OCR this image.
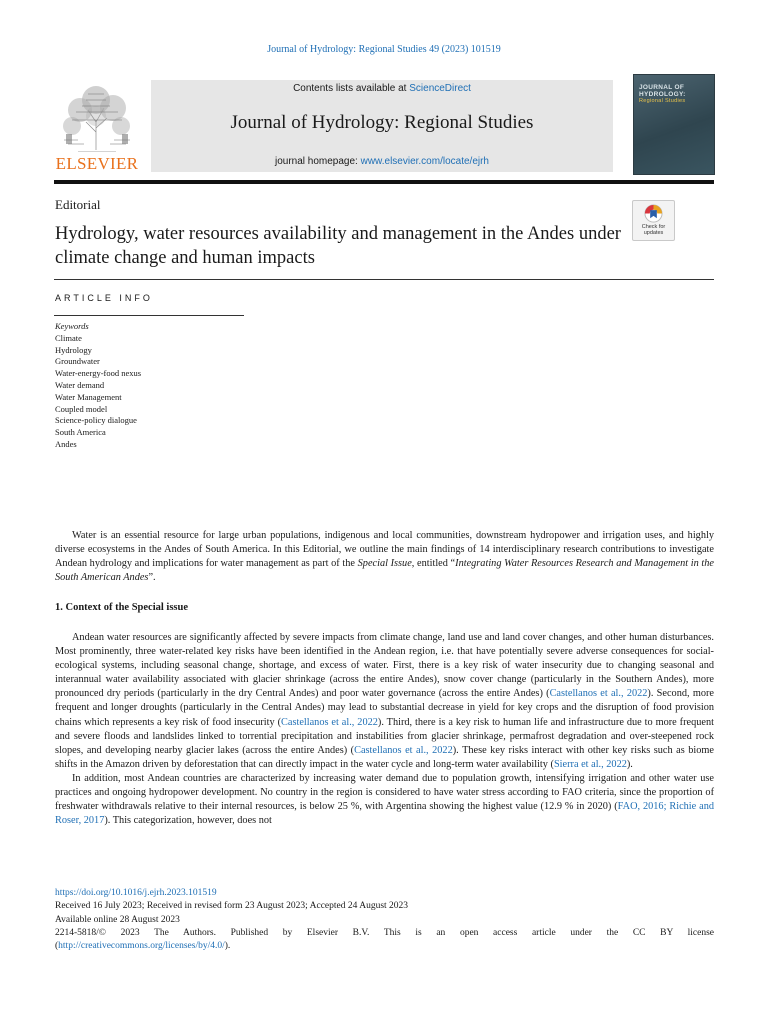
Journal of Hydrology: Regional Studies 49 (2023) 101519
ELSEVIER
Contents lists available at ScienceDirect
Journal of Hydrology: Regional Studies
journal homepage: www.elsevier.com/locate/ejrh
JOURNAL OF
HYDROLOGY:
Regional Studies
Editorial
Hydrology, water resources availability and management in the Andes under climate change and human impacts
Check for
updates
ARTICLE INFO
Keywords
Climate
Hydrology
Groundwater
Water-energy-food nexus
Water demand
Water Management
Coupled model
Science-policy dialogue
South America
Andes

Water is an essential resource for large urban populations, indigenous and local communities, downstream hydropower and irrigation uses, and highly diverse ecosystems in the Andes of South America. In this Editorial, we outline the main findings of 14 interdisciplinary research contributions to investigate Andean hydrology and implications for water management as part of the Special Issue, entitled “Integrating Water Resources Research and Management in the South American Andes”.

1. Context of the Special issue

Andean water resources are significantly affected by severe impacts from climate change, land use and land cover changes, and other human disturbances. Most prominently, three water-related key risks have been identified in the Andean region, i.e. that have potentially severe adverse consequences for social-ecological systems, including seasonal change, shortage, and excess of water. First, there is a key risk of water insecurity due to changing seasonal and interannual water availability associated with glacier shrinkage (across the entire Andes), snow cover change (particularly in the Southern Andes), more pronounced dry periods (particularly in the dry Central Andes) and poor water governance (across the entire Andes) (Castellanos et al., 2022). Second, more frequent and longer droughts (particularly in the Central Andes) may lead to substantial decrease in yield for key crops and the disruption of food provision chains which represents a key risk of food insecurity (Castellanos et al., 2022). Third, there is a key risk to human life and infrastructure due to more frequent and severe floods and landslides linked to torrential precipitation and instabilities from glacier shrinkage, permafrost degradation and over-steepened rock slopes, and developing nearby glacier lakes (across the entire Andes) (Castellanos et al., 2022). These key risks interact with other key risks such as biome shifts in the Amazon driven by deforestation that can directly impact in the water cycle and long-term water availability (Sierra et al., 2022).

In addition, most Andean countries are characterized by increasing water demand due to population growth, intensifying irrigation and other water use practices and ongoing hydropower development. No country in the region is considered to have water stress according to FAO criteria, since the proportion of freshwater withdrawals relative to their internal resources, is below 25 %, with Argentina showing the highest value (12.9 % in 2020) (FAO, 2016; Richie and Roser, 2017). This categorization, however, does not

https://doi.org/10.1016/j.ejrh.2023.101519
Received 16 July 2023; Received in revised form 23 August 2023; Accepted 24 August 2023
Available online 28 August 2023
2214-5818/© 2023 The Authors. Published by Elsevier B.V. This is an open access article under the CC BY license
(http://creativecommons.org/licenses/by/4.0/).
